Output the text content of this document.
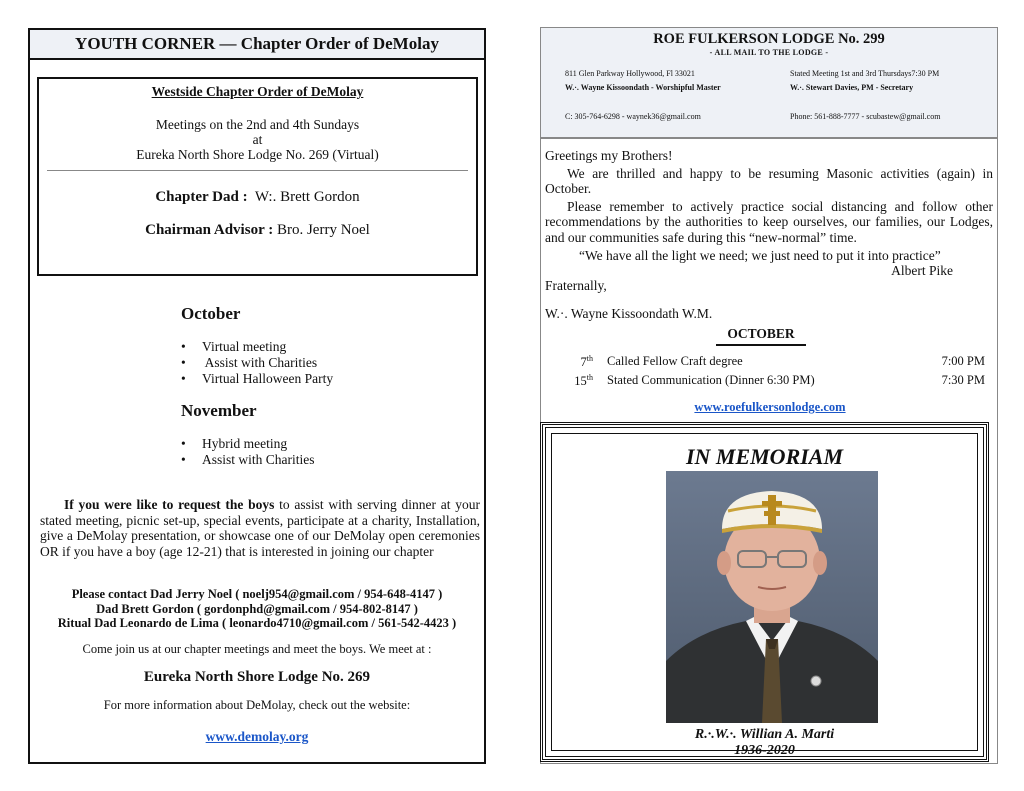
YOUTH CORNER — Chapter Order of DeMolay
Westside Chapter Order of DeMolay
Meetings on the 2nd and 4th Sundays
at
Eureka North Shore Lodge No. 269 (Virtual)
Chapter Dad : W:. Brett Gordon
Chairman Advisor : Bro. Jerry Noel
October
• Virtual meeting
• Assist with Charities
• Virtual Halloween Party
November
• Hybrid meeting
• Assist with Charities
If you were like to request the boys to assist with serving dinner at your stated meeting, picnic set-up, special events, participate at a charity, Installation, give a DeMolay presentation, or showcase one of our DeMolay open ceremonies OR if you have a boy (age 12-21) that is interested in joining our chapter
Please contact Dad Jerry Noel ( noelj954@gmail.com / 954-648-4147 )
Dad Brett Gordon ( gordonphd@gmail.com / 954-802-8147 )
Ritual Dad Leonardo de Lima ( leonardo4710@gmail.com / 561-542-4423 )
Come join us at our chapter meetings and meet the boys. We meet at :
Eureka North Shore Lodge No. 269
For more information about DeMolay, check out the website:
www.demolay.org
ROE FULKERSON LODGE No. 299
- ALL MAIL TO THE LODGE -
811 Glen Parkway Hollywood, Fl 33021
W.·. Wayne Kissoondath - Worshipful Master
C: 305-764-6298 - waynek36@gmail.com
Stated Meeting 1st and 3rd Thursdays7:30 PM
W.·. Stewart Davies, PM - Secretary
Phone: 561-888-7777 - scubastew@gmail.com

Greetings my Brothers!

We are thrilled and happy to be resuming Masonic activities (again) in October.

Please remember to actively practice social distancing and follow other recommendations by the authorities to keep ourselves, our families, our Lodges, and our communities safe during this “new-normal” time.

“We have all the light we need; we just need to put it into practice”
Albert Pike
Fraternally,
W.·. Wayne Kissoondath W.M.
OCTOBER
7th Called Fellow Craft degree	7:00 PM
15th Stated Communication (Dinner 6:30 PM)	7:30 PM
www.roefulkersonlodge.com
IN MEMORIAM
R.·.W.·. Willian A. Marti
1936-2020
